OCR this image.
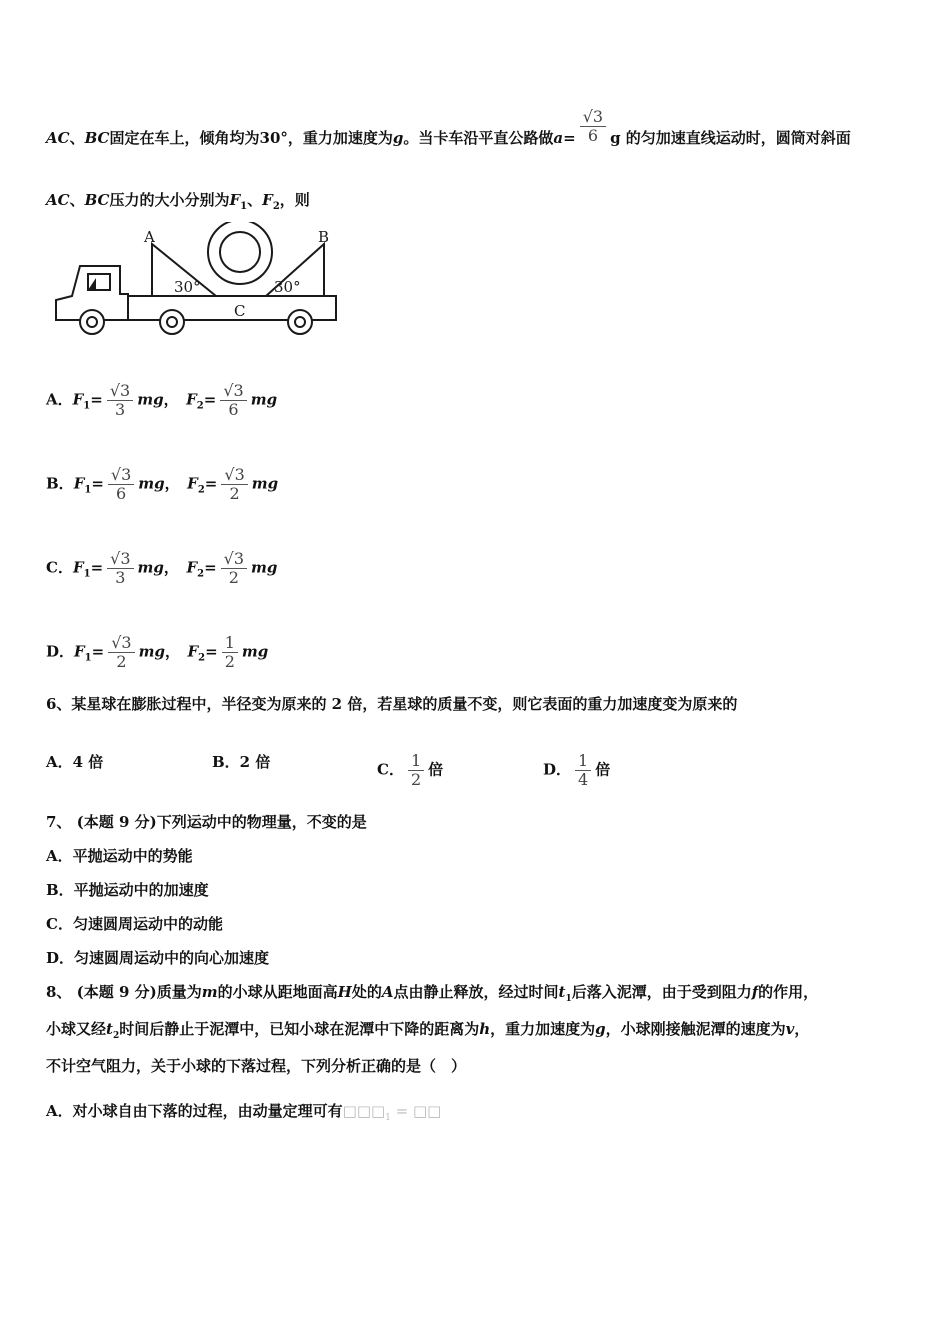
AC、BC固定在车上，倾角均为30°，重力加速度为g。当卡车沿平直公路做$a= \frac{√3}{6}$ g 的匀加速直线运动时，圆筒对斜面
AC、BC压力的大小分别为$F_1$、$F_2$，则
A	B
C
30°	30°
A．$F_1= \frac{√3}{3}$ mg，　 $F_2= \frac{√3}{6}$ mg
B．$F_1= \frac{√3}{6}$ mg，　 $F_2= \frac{√3}{2}$ mg
C．$F_1= \frac{√3}{3}$ mg，　 $F_2= \frac{√3}{2}$ mg
D．$F_1= \frac{√3}{2}$ mg，　 $F_2= \frac{1}{2}$ mg
6、某星球在膨胀过程中，半径变为原来的 2 倍，若星球的质量不变，则它表面的重力加速度变为原来的
A．4 倍	B．2 倍	C． $\frac{1}{2}$ 倍	D． $\frac{1}{4}$ 倍
7、 (本题 9 分)下列运动中的物理量，不变的是
A．平抛运动中的势能
B．平抛运动中的加速度
C．匀速圆周运动中的动能
D．匀速圆周运动中的向心加速度
8、 (本题 9 分)质量为m的小球从距地面高H处的A点由静止释放，经过时间$t_1$后落入泥潭，由于受到阻力f的作用，
小球又经$t_2$时间后静止于泥潭中，已知小球在泥潭中下降的距离为h，重力加速度为g，小球刚接触泥潭的速度为v，
不计空气阻力，关于小球的下落过程，下列分析正确的是（　）
A．对小球自由下落的过程，由动量定理可有$□□□_1$ = □□
